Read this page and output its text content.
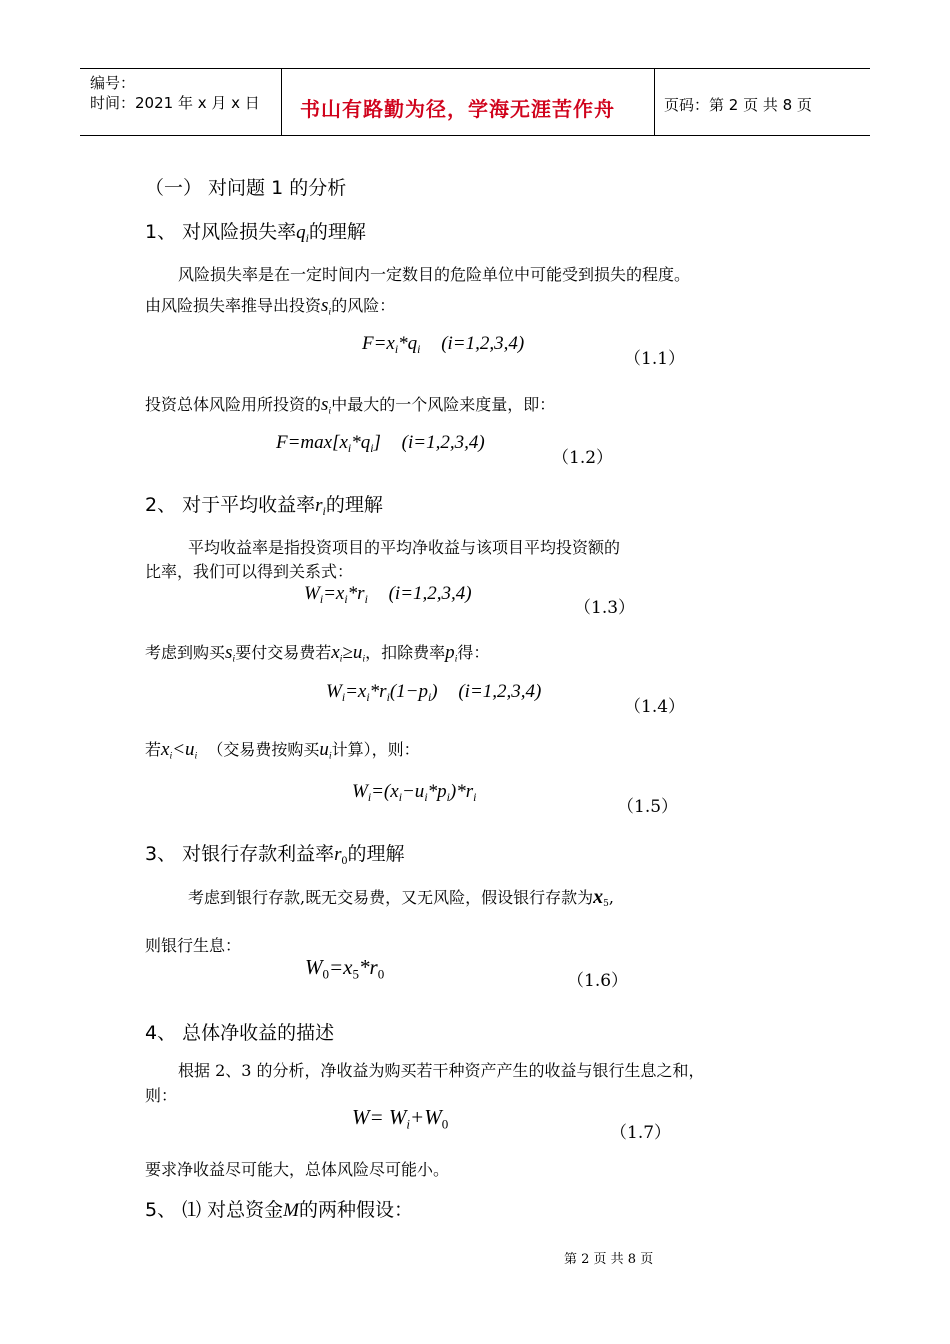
编号：
时间：2021 年 x 月 x 日 书山有路勤为径，学海无涯苦作舟	页码：第 2 页 共 8 页
（一） 对问题 1 的分析
1、 对风险损失率$q_i$的理解
风险损失率是在一定时间内一定数目的危险单位中可能受到损失的程度。
由风险损失率推导出投资$s_i$的风险：
$F=x_i*q_i$ (i=1,2,3,4)
（1.1）
投资总体风险用所投资的$s_i$中最大的一个风险来度量，即：
$F=\max[x_i*q_i]$ (i=1,2,3,4)
（1.2）
2、 对于平均收益率$r_i$的理解
平均收益率是指投资项目的平均净收益与该项目平均投资额的
比率，我们可以得到关系式：
$W_i=x_i*r_i$ (i=1,2,3,4)
（1.3）
考虑到购买$s_i$要付交易费若$x_i\ge u_i$，扣除费率$p_i$得：
$W_i=x_i*r_i(1-p_i)$ (i=1,2,3,4)
（1.4）
若$x_i<u_i$ （交易费按购买$u_i$计算），则：
$W_i=(x_i-u_i*p_i)*r_i$	（1.5）
3、 对银行存款利益率$r_0$的理解
考虑到银行存款,既无交易费，又无风险，假设银行存款为$x_5$,
则银行生息：
$W_0=x_5*r_0$	（1.6）
4、 总体净收益的描述
根据 2、3 的分析，净收益为购买若干种资产产生的收益与银行生息之和，
则：
$W= W_i+W_0$	（1.7）
要求净收益尽可能大，总体风险尽可能小。
5、 ⑴ 对总资金M的两种假设：
第 2 页 共 8 页
